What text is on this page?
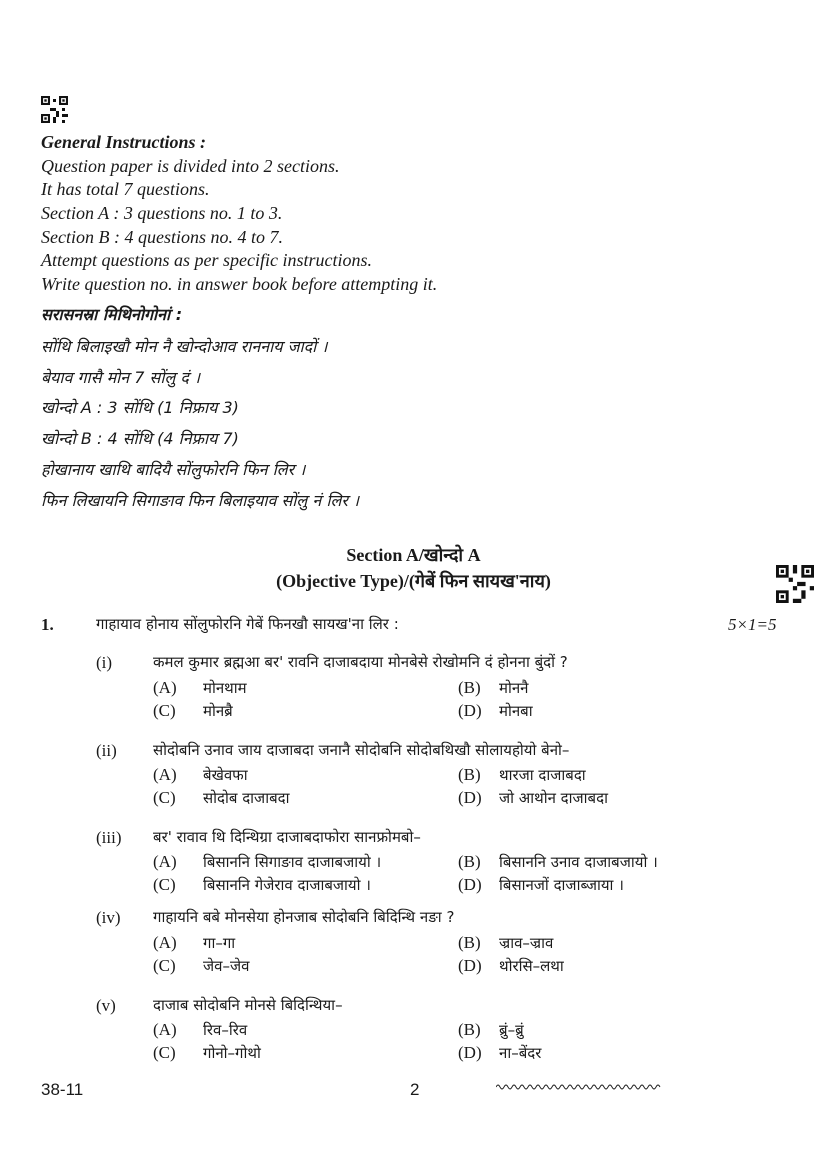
General Instructions :
Question paper is divided into 2 sections.
It has total 7 questions.
Section A : 3 questions no. 1 to 3.
Section B : 4 questions no. 4 to 7.
Attempt questions as per specific instructions.
Write question no. in answer book before attempting it.
सरासनस्रा मिथिनोगोनां :
सोंथि बिलाइखौ मोन नै खोन्दोआव राननाय जादों ।
बेयाव गासै मोन 7 सोंलु दं ।
खोन्दो A : 3 सोंथि (1 निफ्राय 3)
खोन्दो B : 4 सोंथि (4 निफ्राय 7)
होखानाय खाथि बादियै सोंलुफोरनि फिन लिर ।
फिन लिखायनि सिगाङाव फिन बिलाइयाव सोंलु नं लिर ।
Section A/खोन्दो A
(Objective Type)/(गेबें फिन सायख'नाय)
1.	गाहायाव होनाय सोंलुफोरनि गेबें फिनखौ सायख'ना लिर :	5×1=5
(i)	कमल कुमार ब्रह्मआ बर' रावनि दाजाबदाया मोनबेसे रोखोमनि दं होनना बुंदों ?
(A) मोनथाम	(B) मोननै
(C) मोनब्रै	(D) मोनबा
(ii) सोदोबनि उनाव जाय दाजाबदा जनानै सोदोबनि सोदोबथिखौ सोलायहोयो बेनो–
(A) बेखेवफा	(B) थारजा दाजाबदा
(C) सोदोब दाजाबदा	(D) जो आथोन दाजाबदा
(iii) बर' रावाव थि दिन्थिग्रा दाजाबदाफोरा सानफ्रोमबो–
(A) बिसाननि सिगाङाव दाजाबजायो ।	(B) बिसाननि उनाव दाजाबजायो ।
(C) बिसाननि गेजेराव दाजाबजायो ।	(D) बिसानजों दाजाब्जाया ।
(iv) गाहायनि बबे मोनसेया होनजाब सोदोबनि बिदिन्थि नङा ?
(A) गा–गा	(B) ज्राव–ज्राव
(C) जेव–जेव	(D) थोरसि–लथा
(v) दाजाब सोदोबनि मोनसे बिदिन्थिया–
(A) रिव–रिव	(B) ब्रुं–ब्रुं
(C) गोनो–गोथो	(D) ना–बेंदर
38-11	2
